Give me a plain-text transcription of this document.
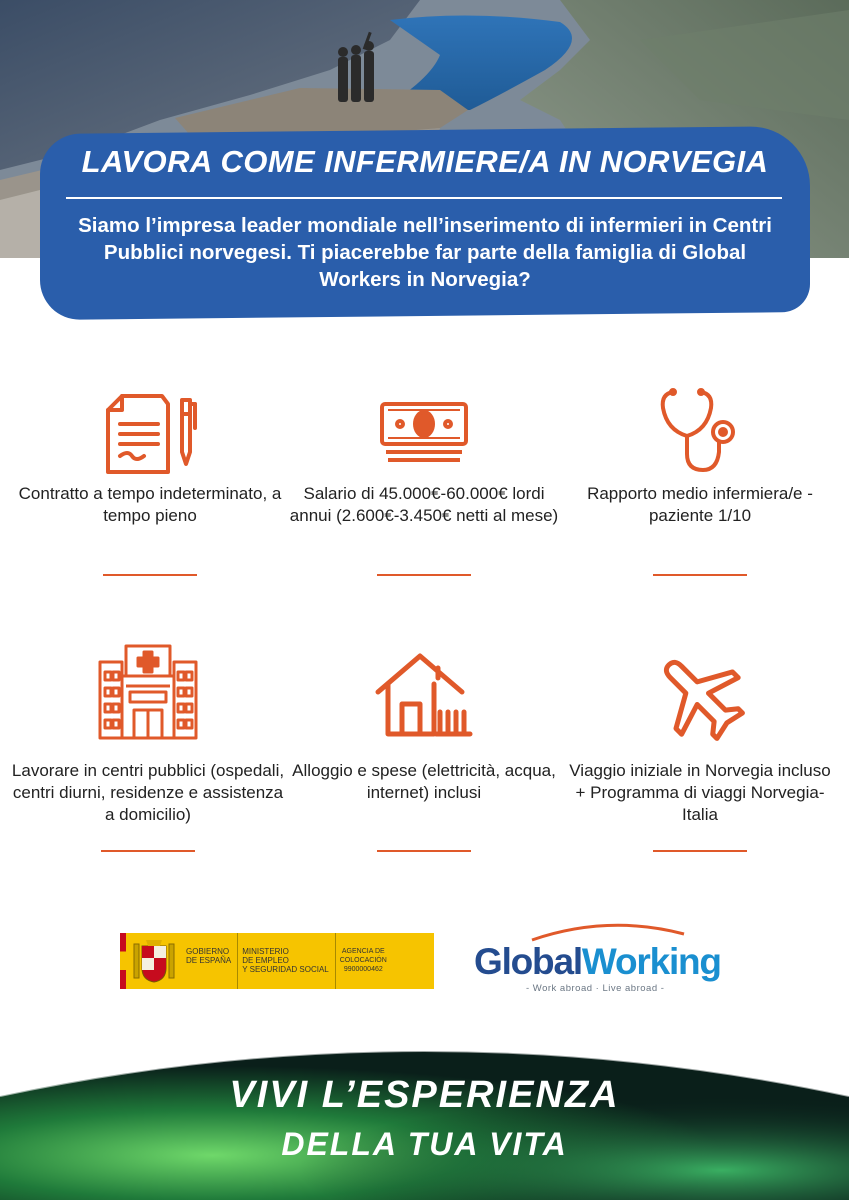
LAVORA COME INFERMIERE/A IN NORVEGIA
Siamo l’impresa leader mondiale nell’inserimento di infermieri in Centri Pubblici norvegesi. Ti piacerebbe far parte della famiglia di Global Workers in Norvegia?
Contratto a tempo indeterminato, a tempo pieno
Salario di 45.000€-60.000€ lordi annui (2.600€-3.450€ netti al mese)
Rapporto medio infermiera/e - paziente 1/10
Lavorare in centri pubblici (ospedali, centri diurni, residenze e assistenza a domicilio)
Alloggio e spese (elettricità, acqua, internet) inclusi
Viaggio iniziale in Norvegia incluso + Programma di viaggi Norvegia-Italia
GOBIERNO
DE ESPAÑA
MINISTERIO
DE EMPLEO
Y SEGURIDAD SOCIAL
AGENCIA DE
COLOCACIÓN
9900000462 GlobalWorking
- Work abroad · Live abroad -
VIVI L’ESPERIENZA
DELLA TUA VITA
